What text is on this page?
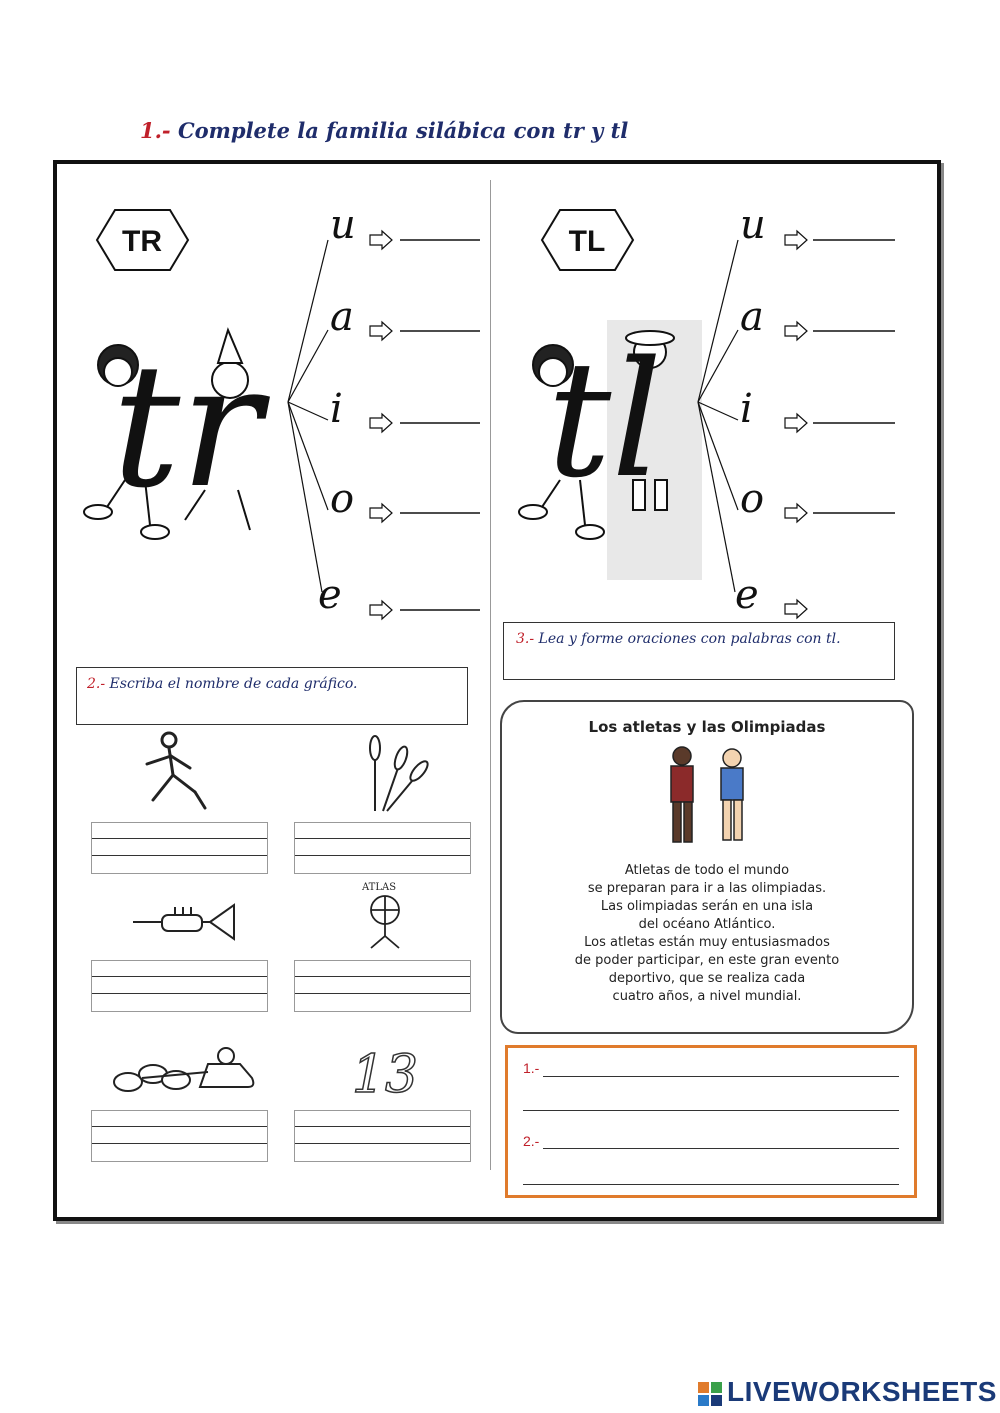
1.- Complete la familia silábica con tr y tl
TR
tr
u
a
i
o
e
TL
tl
u
a
i
o
e
3.- Lea y forme oraciones con palabras con tl.
2.- Escriba el nombre de cada gráfico.
ATLAS
13
Los atletas y las Olimpiadas
Atletas de todo el mundo
se preparan para ir a las olimpiadas.
Las olimpiadas serán en una isla
del océano Atlántico.
Los atletas están muy entusiasmados
de poder participar, en este gran evento
deportivo, que se realiza cada
cuatro años, a nivel mundial.
1.-
2.-
LIVEWORKSHEETS
